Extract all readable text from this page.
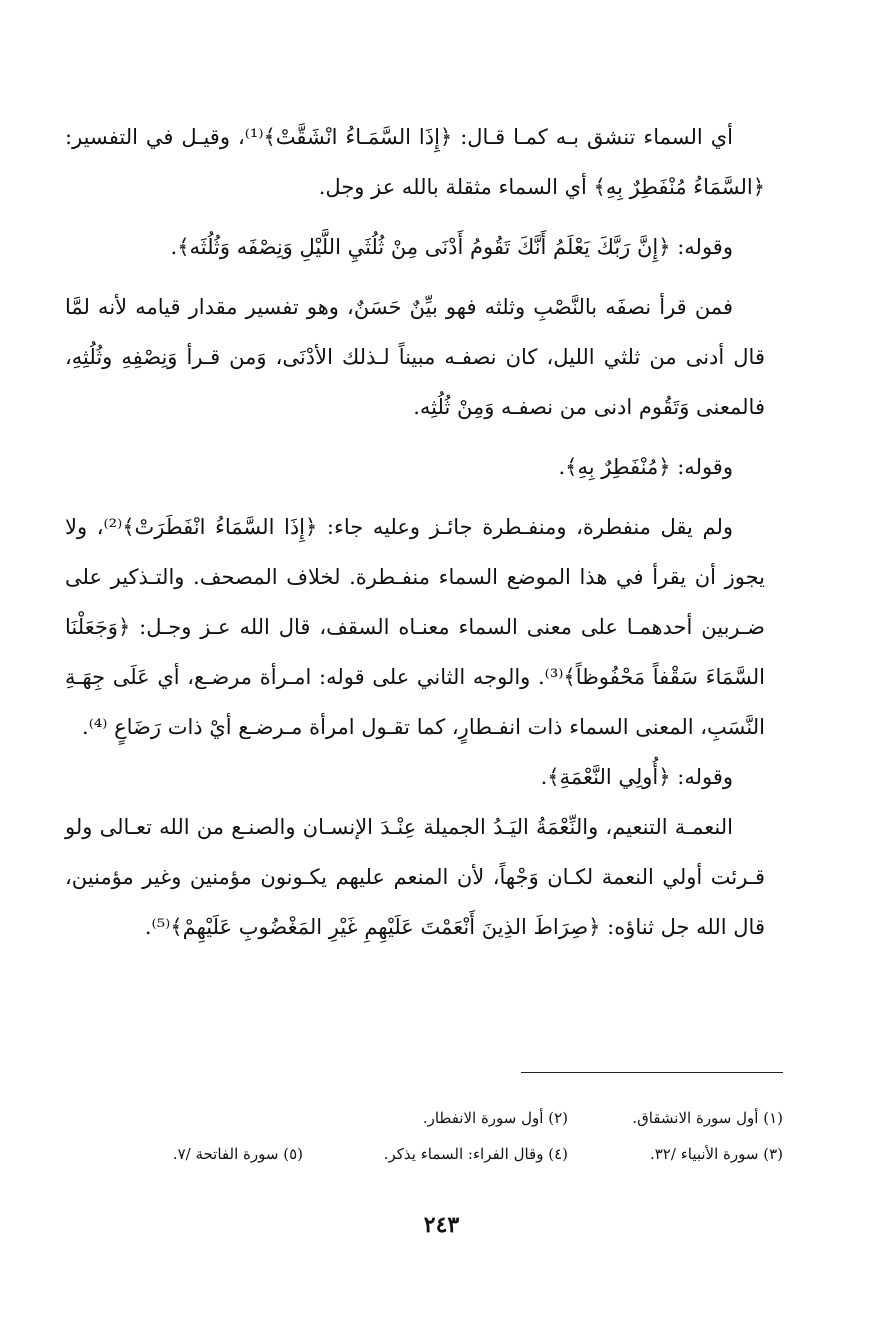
أي السماء تنشق بـه كمـا قـال: ﴿إِذَا السَّمَـاءُ انْشَقَّتْ﴾⁽¹⁾، وقيـل في التفسير: ﴿السَّمَاءُ مُنْفَطِرٌ بِهِ﴾ أي السماء مثقلة بالله عز وجل.

وقوله: ﴿إِنَّ رَبَّكَ يَعْلَمُ أَنَّكَ تَقُومُ أَدْنَى مِنْ ثُلُثَيِ اللَّيْلِ وَنِصْفَه وَثُلُثَه﴾.

فمن قرأ نصفَه بالنَّصْبِ وثلثه فهو بيِّنٌ حَسَنٌ، وهو تفسير مقدار قيامه لأنه لمَّا قال أدنى من ثلثي الليل، كان نصفـه مبيناً لـذلك الأدْنَى، وَمن قـرأ وَنِصْفِهِ وثُلُثِهِ، فالمعنى وَتَقُوم ادنى من نصفـه وَمِنْ ثُلُثِه.

وقوله: ﴿مُنْفَطِرٌ بِهِ﴾.

ولم يقل منفطرة، ومنفـطرة جائـز وعليه جاء: ﴿إِذَا السَّمَاءُ انْفَطَرَتْ﴾⁽²⁾، ولا يجوز أن يقرأ في هذا الموضع السماء منفـطرة. لخلاف المصحف. والتـذكير على ضـربين أحدهمـا على معنى السماء معنـاه السقف، قال الله عـز وجـل: ﴿وَجَعَلْنَا السَّمَاءَ سَقْفاً مَحْفُوظاً﴾⁽³⁾. والوجه الثاني على قوله: امـرأة مرضـع، أي عَلَى جِهَـةِ النَّسَبِ، المعنى السماء ذات انفـطارٍ، كما تقـول امرأة مـرضـع أيْ ذات رَضَاعٍ ⁽⁴⁾.

وقوله: ﴿أُولِي النَّعْمَةِ﴾.

النعمـة التنعيم، والنِّعْمَةُ اليَـدُ الجميلة عِنْـدَ الإنسـان والصنـع من الله تعـالى ولو قـرئت أولي النعمة لكـان وَجْهاً، لأن المنعم عليهم يكـونون مؤمنين وغير مؤمنين، قال الله جل ثناؤه: ﴿صِرَاطَ الذِينَ أَنْعَمْتَ عَلَيْهِمِ غَيْرِ المَغْضُوبِ عَلَيْهِمْ﴾⁽⁵⁾.

(١) أول سورة الانشقاق.
(٢) أول سورة الانفطار.
(٣) سورة الأنبياء /٣٢.
(٤) وقال الفراء: السماء يذكر.
(٥) سورة الفاتحة /٧.
٢٤٣
